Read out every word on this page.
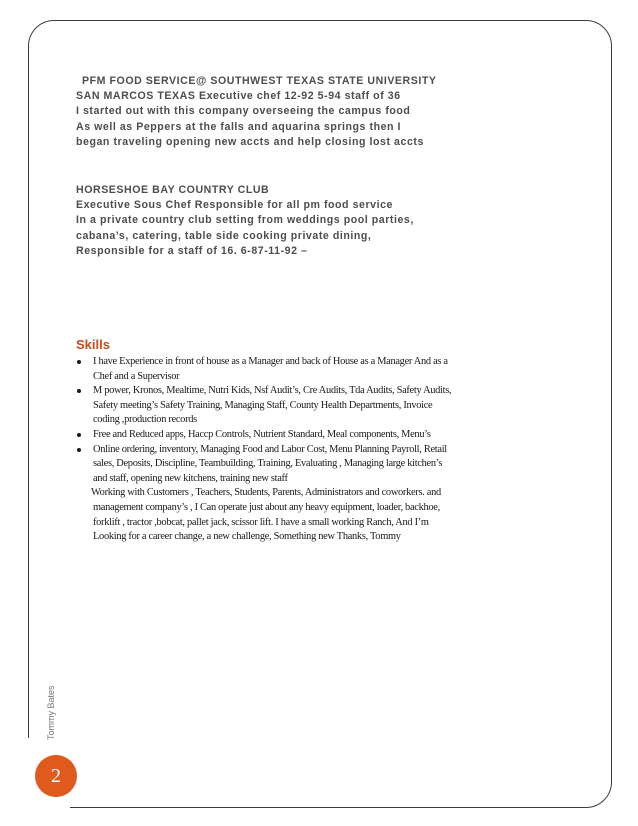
Tommy Bates
2
PFM FOOD SERVICE@ SOUTHWEST TEXAS STATE UNIVERSITY
SAN MARCOS TEXAS Executive chef 12-92 5-94 staff of 36
I started out with this company overseeing the campus food
As well as Peppers at the falls and aquarina springs then I
began traveling opening new accts and help closing lost accts
HORSESHOE BAY COUNTRY CLUB
Executive Sous Chef Responsible for all pm food service
In a private country club setting from weddings pool parties,
cabana’s, catering, table side cooking private dining,
Responsible for a staff of 16. 6-87-11-92 –
Skills
I have Experience in front of house as a Manager and back of House as a Manager And as a
Chef and a Supervisor
M power, Kronos, Mealtime, Nutri Kids, Nsf Audit’s, Cre Audits, Tda Audits, Safety Audits,
Safety meeting’s Safety Training, Managing Staff, County Health Departments, Invoice
coding ,production records
Free and Reduced apps, Haccp Controls, Nutrient Standard, Meal components, Menu’s
Online ordering, inventory, Managing Food and Labor Cost, Menu Planning Payroll, Retail
sales, Deposits, Discipline, Teambuilding, Training, Evaluating , Managing large kitchen’s
and staff, opening new kitchens, training new staff
Working with Customers , Teachers, Students, Parents, Administrators and coworkers. and
management company’s , I Can operate just about any heavy equipment, loader, backhoe,
forklift , tractor ,bobcat, pallet jack, scissor lift. I have a small working Ranch, And I’m
Looking for a career change, a new challenge, Something new Thanks, Tommy
